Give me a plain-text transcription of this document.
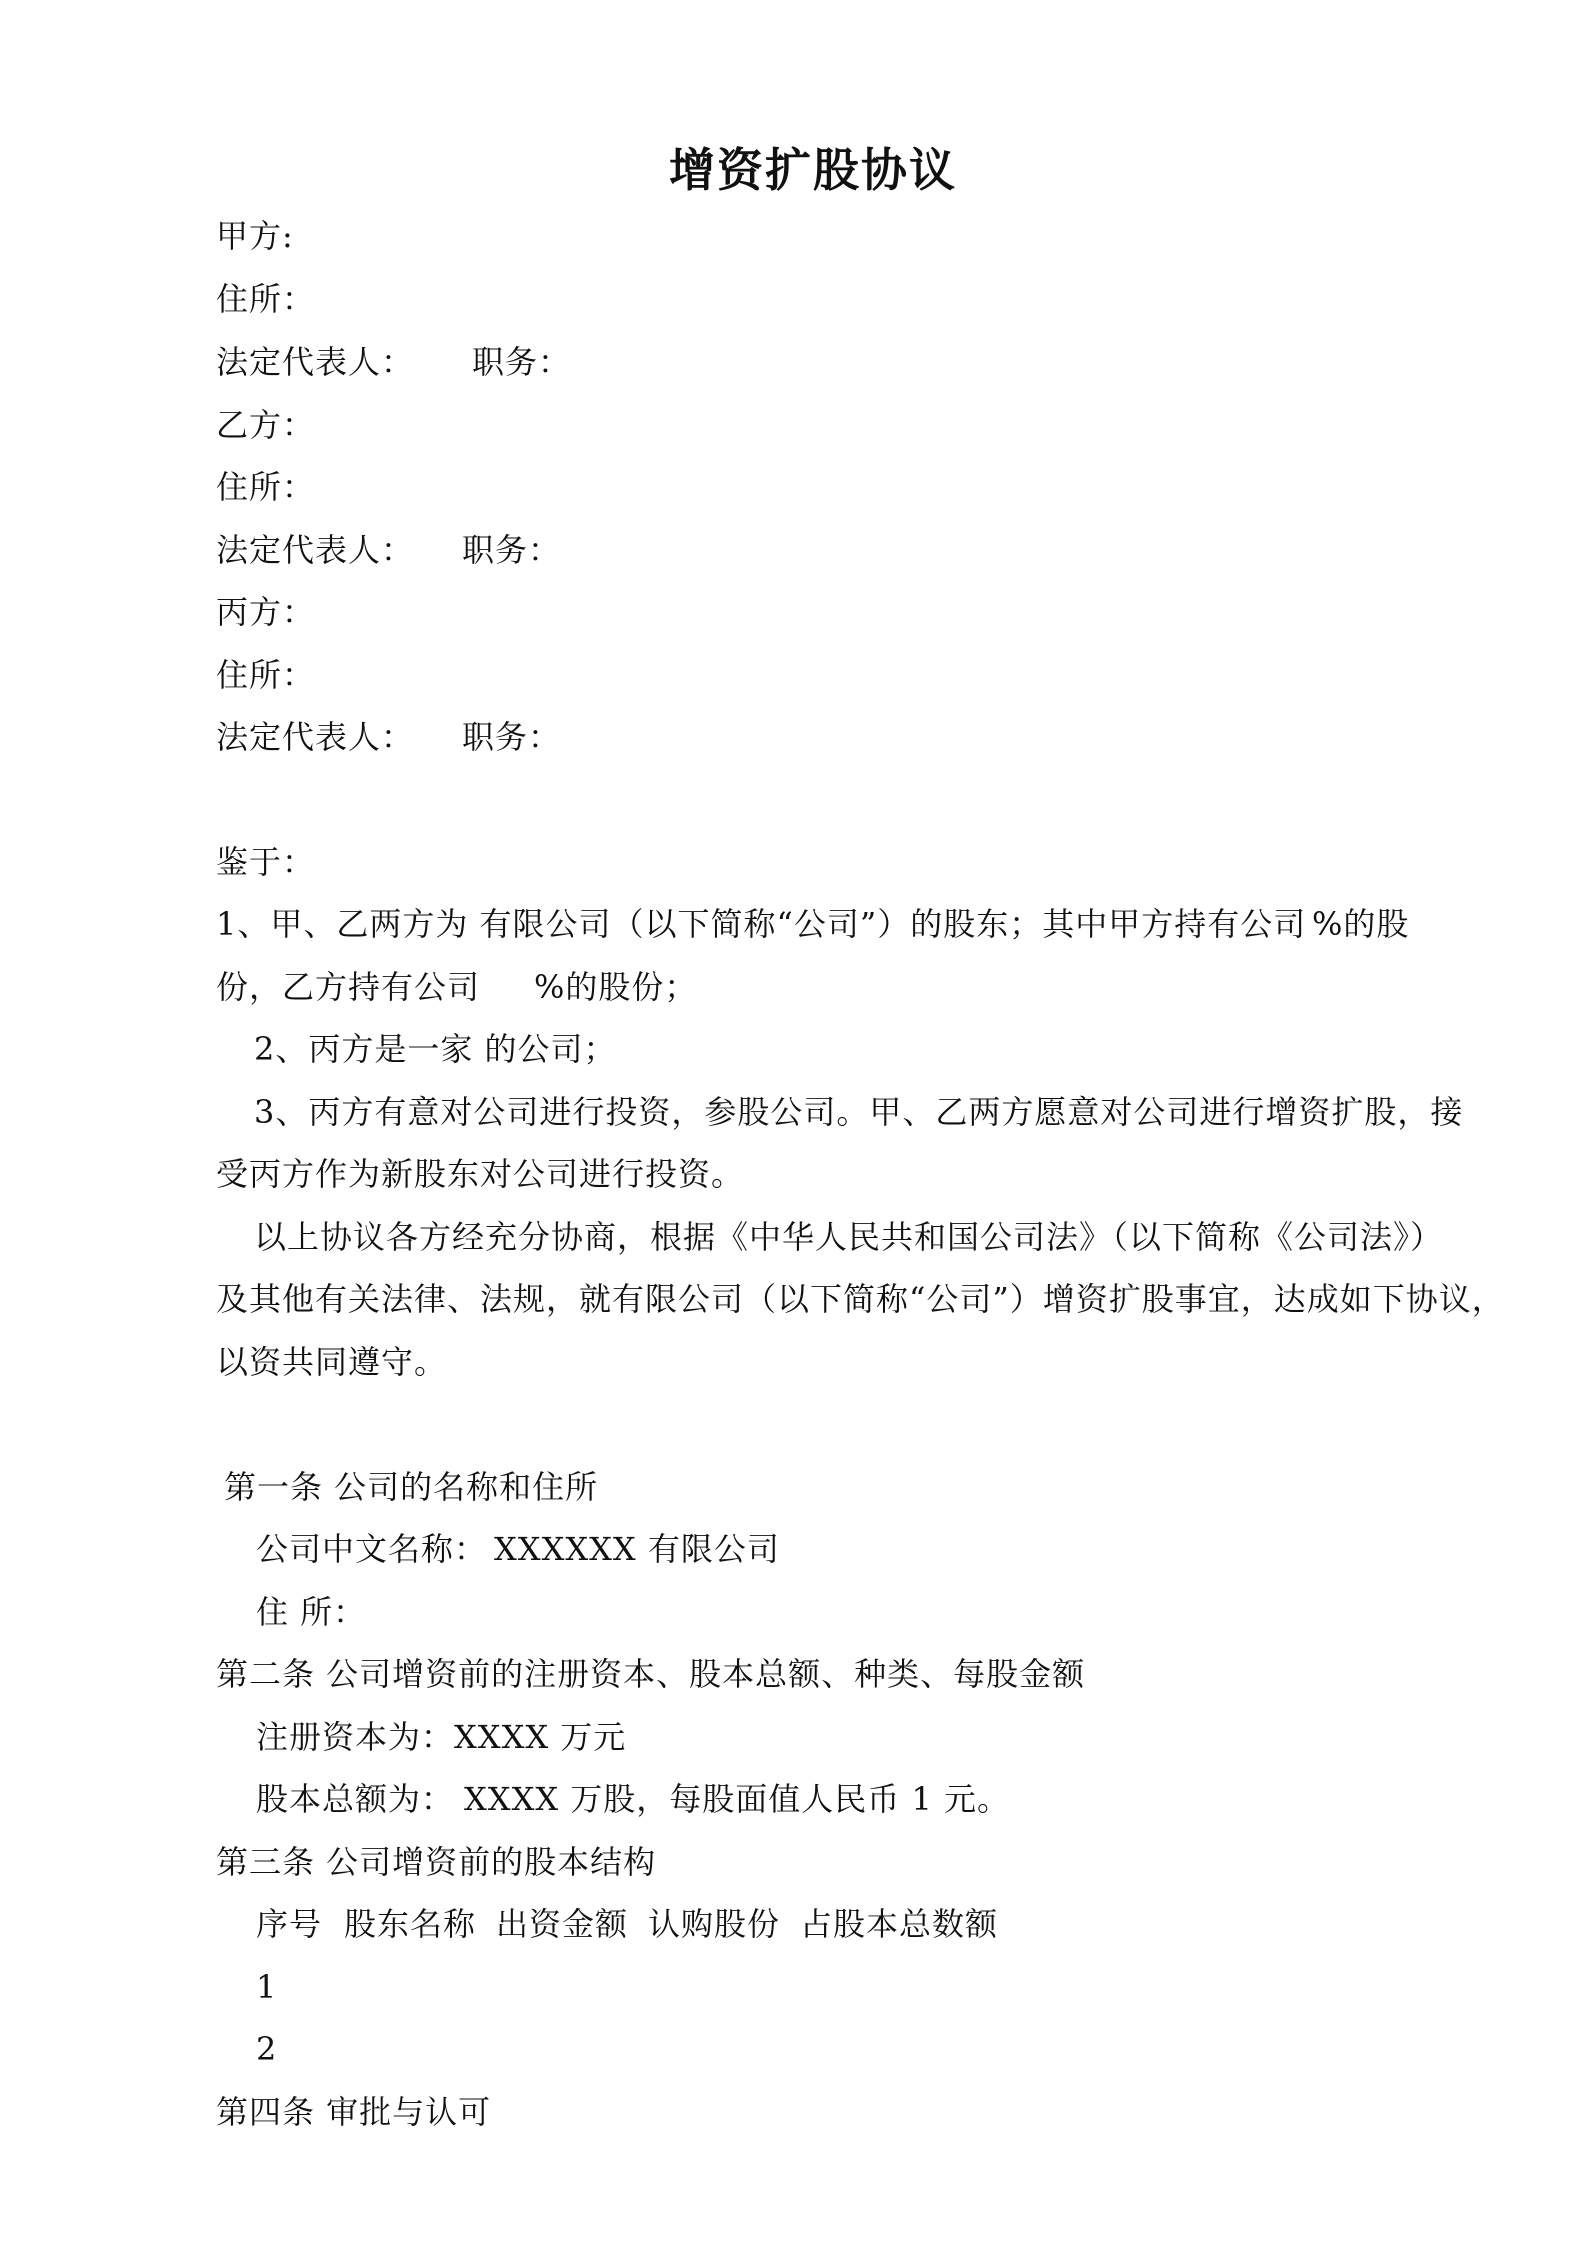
增资扩股协议
甲方:
住所：
法定代表人： 职务：
乙方：
住所：
法定代表人： 职务：
丙方：
住所：
法定代表人： 职务：
鉴于：
1、甲、乙两方为 有限公司（以下简称“公司”）的股东；其中甲方持有公司 %的股
份，乙方持有公司 %的股份；
2、丙方是一家 的公司；
3、丙方有意对公司进行投资，参股公司。甲、乙两方愿意对公司进行增资扩股，接
受丙方作为新股东对公司进行投资。
以上协议各方经充分协商，根据《中华人民共和国公司法》（以下简称《公司法》）
及其他有关法律、法规，就有限公司（以下简称“公司”）增资扩股事宜，达成如下协议，
以资共同遵守。
第一条 公司的名称和住所
公司中文名称： XXXXXX 有限公司
住 所：
第二条 公司增资前的注册资本、股本总额、种类、每股金额
注册资本为：XXXX 万元
股本总额为： XXXX 万股，每股面值人民币 1 元。
第三条 公司增资前的股本结构
序号 股东名称 出资金额 认购股份 占股本总数额
1
2
第四条 审批与认可
